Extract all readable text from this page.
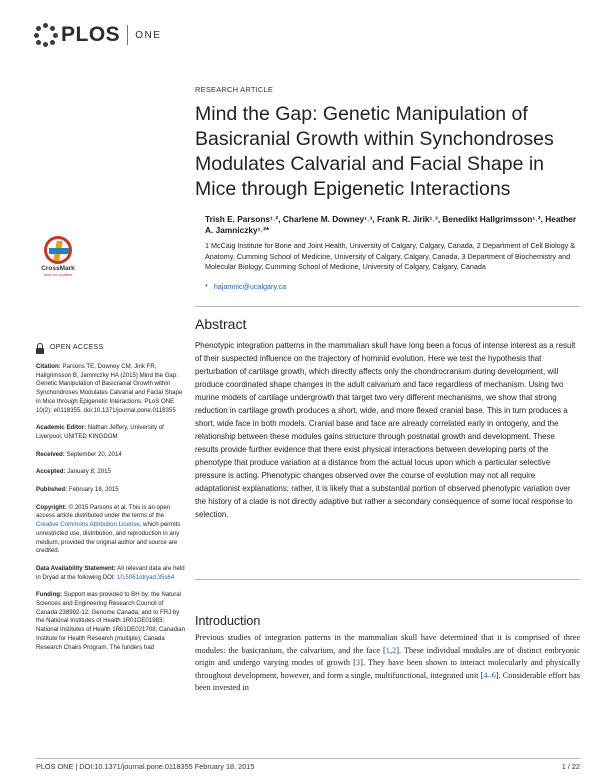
PLOS ONE
RESEARCH ARTICLE
Mind the Gap: Genetic Manipulation of Basicranial Growth within Synchondroses Modulates Calvarial and Facial Shape in Mice through Epigenetic Interactions
Trish E. Parsons¹˒², Charlene M. Downey¹˒³, Frank R. Jirik¹˒³, Benedikt Hallgrimsson¹˒², Heather A. Jamniczky¹˒²*
1 McCaig Institute for Bone and Joint Health, University of Calgary, Calgary, Canada, 2 Department of Cell Biology & Anatomy, Cumming School of Medicine, University of Calgary, Calgary, Canada, 3 Department of Biochemistry and Molecular Biology, Cumming School of Medicine, University of Calgary, Calgary, Canada
* hajamnic@ucalgary.ca
CrossMark
click for updates
OPEN ACCESS
Citation: Parsons TE, Downey CM, Jirik FR, Hallgrimsson B, Jamniczky HA (2015) Mind the Gap: Genetic Manipulation of Basicranial Growth within Synchondroses Modulates Calvarial and Facial Shape in Mice through Epigenetic Interactions. PLoS ONE 10(2): e0118355. doi:10.1371/journal.pone.0118355
Academic Editor: Nathan Jeffery, University of Liverpool, UNITED KINGDOM
Received: September 20, 2014
Accepted: January 8, 2015
Published: February 18, 2015
Copyright: © 2015 Parsons et al. This is an open access article distributed under the terms of the Creative Commons Attribution License, which permits unrestricted use, distribution, and reproduction in any medium, provided the original author and source are credited.
Data Availability Statement: All relevant data are held in Dryad at the following DOI: 10.5061/dryad.35s64
Funding: Support was provided to BH by: the Natural Sciences and Engineering Research Council of Canada 238992-12; Genome Canada; and to FRJ by the National Institutes of Health 1R01DE01983; National Institutes of Health 1R01DE021708; Canadian Institute for Health Research (multiple); Canada Research Chairs Program. The funders had
Abstract
Phenotypic integration patterns in the mammalian skull have long been a focus of intense interest as a result of their suspected influence on the trajectory of hominid evolution. Here we test the hypothesis that perturbation of cartilage growth, which directly affects only the chondrocranium during development, will produce coordinated shape changes in the adult calvarium and face regardless of mechanism. Using two murine models of cartilage undergrowth that target two very different mechanisms, we show that strong reduction in cartilage growth produces a short, wide, and more flexed cranial base. This in turn produces a short, wide face in both models. Cranial base and face are already correlated early in ontogeny, and the relationship between these modules gains structure through postnatal growth and development. These results provide further evidence that there exist physical interactions between developing parts of the phenotype that produce variation at a distance from the actual locus upon which a particular selective pressure is acting. Phenotypic changes observed over the course of evolution may not all require adaptationist explanations; rather, it is likely that a substantial portion of observed phenotypic variation over the history of a clade is not directly adaptive but rather a secondary consequence of some local response to selection.
Introduction
Previous studies of integration patterns in the mammalian skull have determined that it is comprised of three modules: the basicranium, the calvarium, and the face [1,2]. These individual modules are of distinct embryonic origin and undergo varying modes of growth [3]. They have been shown to interact molecularly and physically throughout development, however, and form a single, multifunctional, integrated unit [4–6]. Considerable effort has been invested in
PLOS ONE | DOI:10.1371/journal.pone.0118355 February 18, 2015	1 / 22
